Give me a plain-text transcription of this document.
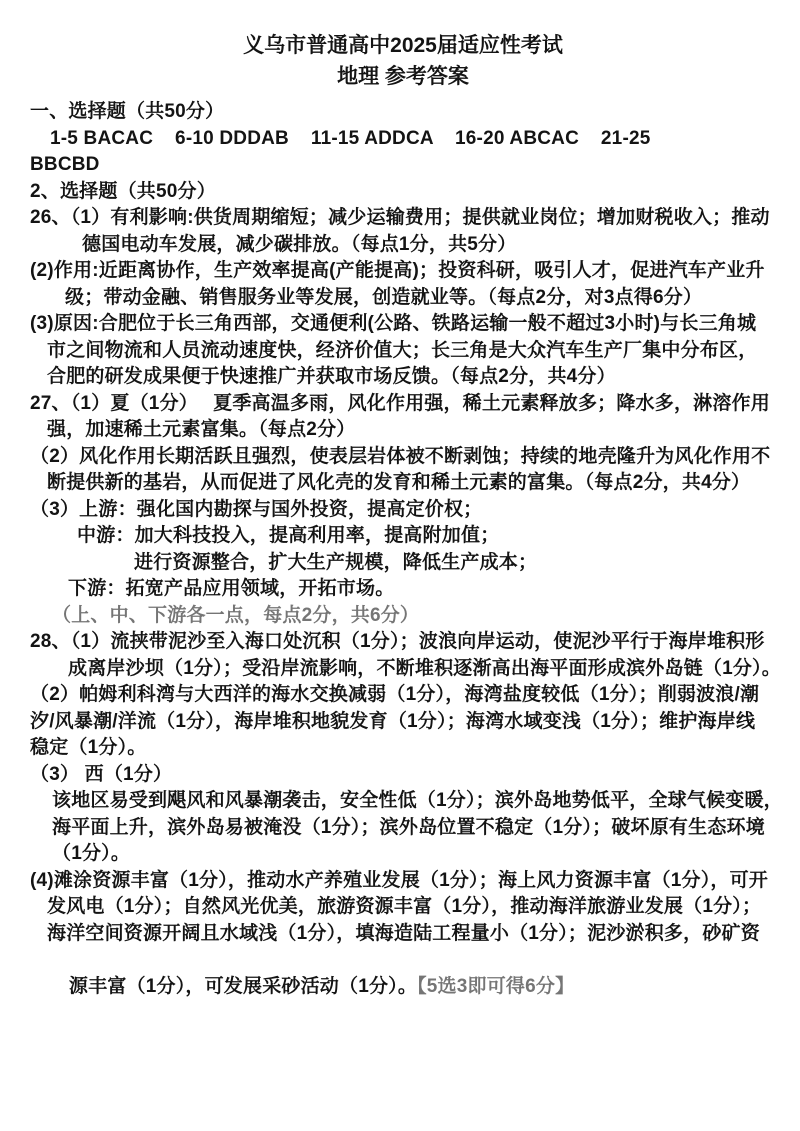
义乌市普通高中2025届适应性考试
地理 参考答案
一、选择题（共50分）
1-5 BACAC    6-10 DDDAB    11-15 ADDCA    16-20 ABCAC    21-25
BBCBD
2、选择题（共50分）
26、（1）有利影响:供货周期缩短；减少运输费用；提供就业岗位；增加财税收入；推动
德国电动车发展，减少碳排放。（每点1分，共5分）
(2)作用:近距离协作，生产效率提高(产能提高)；投资科研，吸引人才，促进汽车产业升
级；带动金融、销售服务业等发展，创造就业等。（每点2分，对3点得6分）
(3)原因:合肥位于长三角西部，交通便利(公路、铁路运输一般不超过3小时)与长三角城
市之间物流和人员流动速度快，经济价值大；长三角是大众汽车生产厂集中分布区，
合肥的研发成果便于快速推广并获取市场反馈。（每点2分，共4分）
27、（1）夏（1分）　 夏季高温多雨，风化作用强，稀土元素释放多；降水多，淋溶作用
强，加速稀土元素富集。（每点2分）
（2）风化作用长期活跃且强烈，使表层岩体被不断剥蚀；持续的地壳隆升为风化作用不
断提供新的基岩，从而促进了风化壳的发育和稀土元素的富集。（每点2分，共4分）
（3）上游：强化国内勘探与国外投资，提高定价权；
中游：加大科技投入，提高利用率，提高附加值；
进行资源整合，扩大生产规模，降低生产成本；
下游：拓宽产品应用领域，开拓市场。
（上、中、下游各一点，每点2分，共6分）
28、（1）流挟带泥沙至入海口处沉积（1分）；波浪向岸运动，使泥沙平行于海岸堆积形
成离岸沙坝（1分）；受沿岸流影响，不断堆积逐渐高出海平面形成滨外岛链（1分）。
（2）帕姆利科湾与大西洋的海水交换减弱（1分），海湾盐度较低（1分）；削弱波浪/潮
汐/风暴潮/洋流（1分），海岸堆积地貌发育（1分）；海湾水域变浅（1分）；维护海岸线
稳定（1分）。
（3） 西（1分）
该地区易受到飓风和风暴潮袭击，安全性低（1分）；滨外岛地势低平，全球气候变暖，
海平面上升，滨外岛易被淹没（1分）；滨外岛位置不稳定（1分）；破坏原有生态环境
（1分）。
(4)滩涂资源丰富（1分），推动水产养殖业发展（1分）；海上风力资源丰富（1分），可开
发风电（1分）；自然风光优美，旅游资源丰富（1分），推动海洋旅游业发展（1分）；
海洋空间资源开阔且水域浅（1分），填海造陆工程量小（1分）；泥沙淤积多，砂矿资

源丰富（1分），可发展采砂活动（1分）。【5选3即可得6分】
